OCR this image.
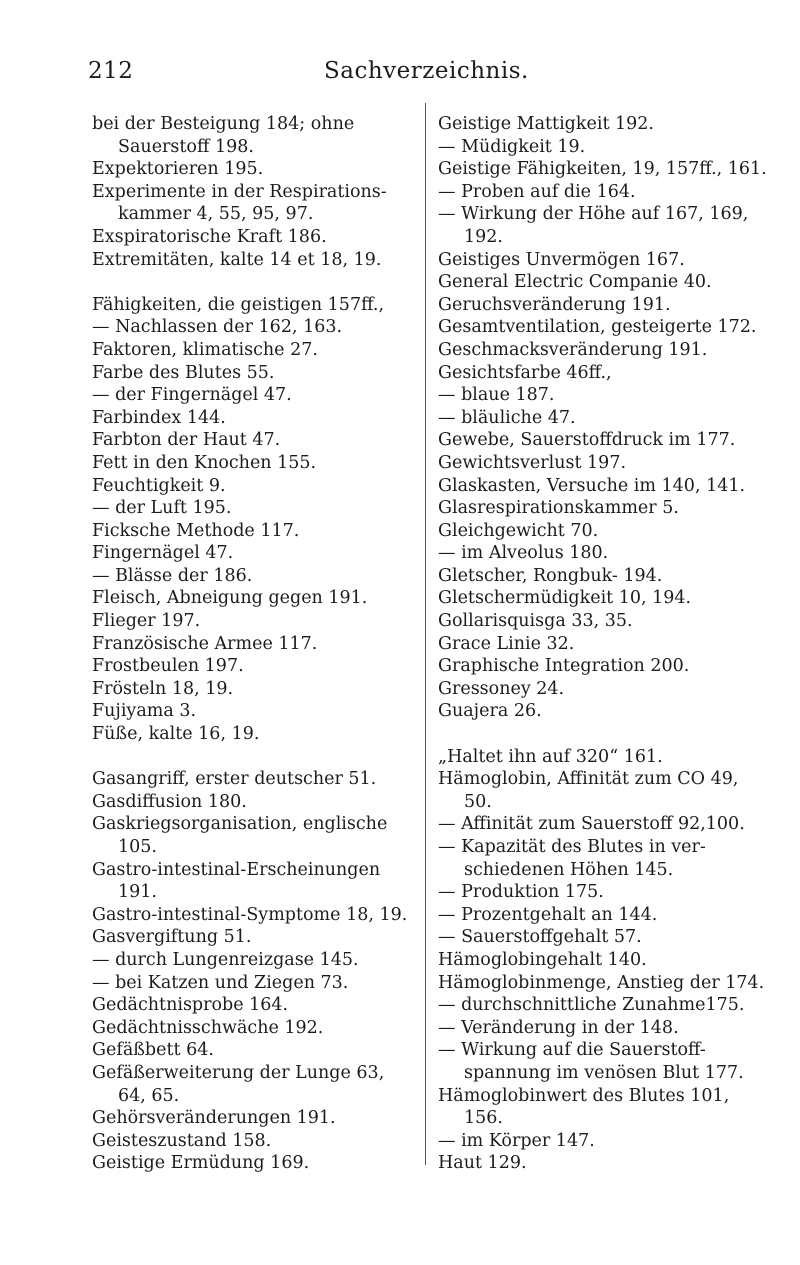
212	Sachverzeichnis.

bei der Besteigung 184; ohne Sauerstoff 198.

Expektorieren 195.

Experimente in der Respirations- kammer 4, 55, 95, 97.

Exspiratorische Kraft 186.

Extremitäten, kalte 14 et 18, 19.

Fähigkeiten, die geistigen 157ff.,

— Nachlassen der 162, 163.

Faktoren, klimatische 27.

Farbe des Blutes 55.

— der Fingernägel 47.

Farbindex 144.

Farbton der Haut 47.

Fett in den Knochen 155.

Feuchtigkeit 9.

— der Luft 195.

Ficksche Methode 117.

Fingernägel 47.

— Blässe der 186.

Fleisch, Abneigung gegen 191.

Flieger 197.

Französische Armee 117.

Frostbeulen 197.

Frösteln 18, 19.

Fujiyama 3.

Füße, kalte 16, 19.

Gasangriff, erster deutscher 51.

Gasdiffusion 180.

Gaskriegsorganisation, englische 105.

Gastro-intestinal-Erscheinungen 191.

Gastro-intestinal-Symptome 18, 19.

Gasvergiftung 51.

— durch Lungenreizgase 145.

— bei Katzen und Ziegen 73.

Gedächtnisprobe 164.

Gedächtnisschwäche 192.

Gefäßbett 64.

Gefäßerweiterung der Lunge 63, 64, 65.

Gehörsveränderungen 191.

Geisteszustand 158.

Geistige Ermüdung 169.

Geistige Mattigkeit 192.

— Müdigkeit 19.

Geistige Fähigkeiten, 19, 157ff., 161.

— Proben auf die 164.

— Wirkung der Höhe auf 167, 169, 192.

Geistiges Unvermögen 167.

General Electric Companie 40.

Geruchsveränderung 191.

Gesamtventilation, gesteigerte 172.

Geschmacksveränderung 191.

Gesichtsfarbe 46ff.,

— blaue 187.

— bläuliche 47.

Gewebe, Sauerstoffdruck im 177.

Gewichtsverlust 197.

Glaskasten, Versuche im 140, 141.

Glasrespirationskammer 5.

Gleichgewicht 70.

— im Alveolus 180.

Gletscher, Rongbuk- 194.

Gletschermüdigkeit 10, 194.

Gollarisquisga 33, 35.

Grace Linie 32.

Graphische Integration 200.

Gressoney 24.

Guajera 26.

„Haltet ihn auf 320“ 161.

Hämoglobin, Affinität zum CO 49, 50.

— Affinität zum Sauerstoff 92,100.

— Kapazität des Blutes in ver- schiedenen Höhen 145.

— Produktion 175.

— Prozentgehalt an 144.

— Sauerstoffgehalt 57.

Hämoglobingehalt 140.

Hämoglobinmenge, Anstieg der 174.

— durchschnittliche Zunahme175.

— Veränderung in der 148.

— Wirkung auf die Sauerstoff- spannung im venösen Blut 177.

Hämoglobinwert des Blutes 101, 156.

— im Körper 147.

Haut 129.
